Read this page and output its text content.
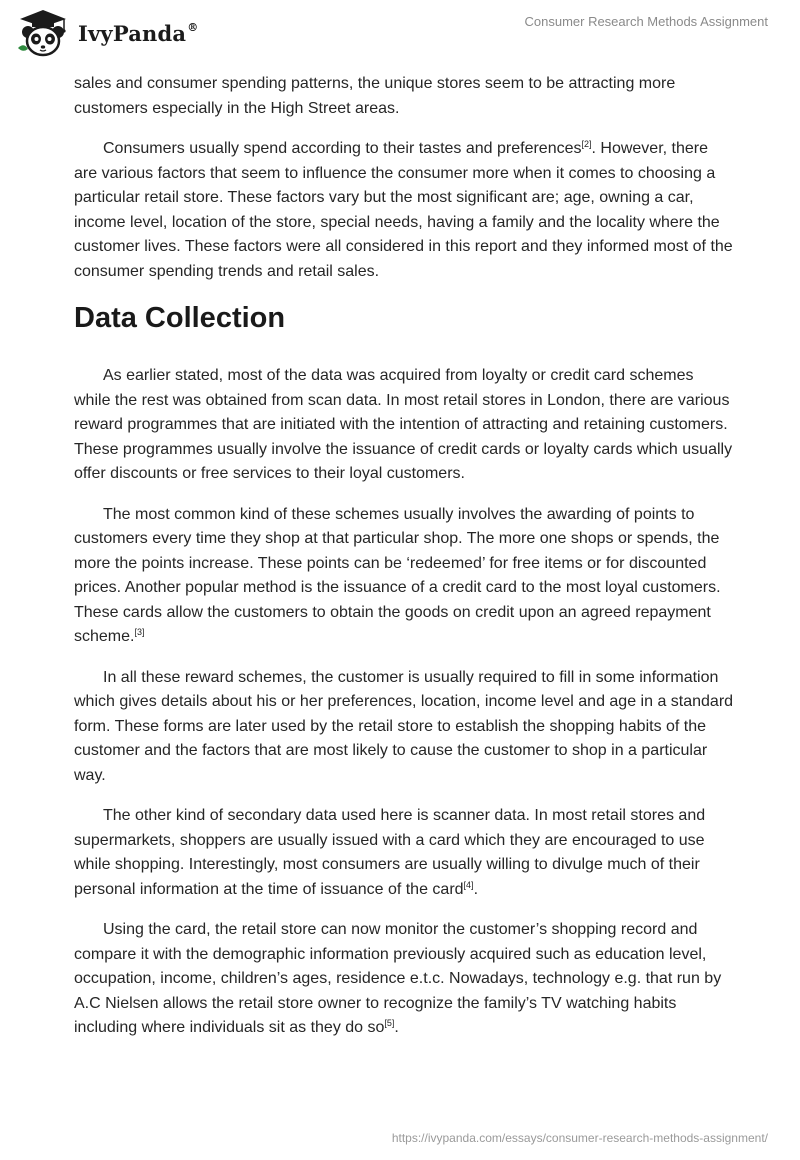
IvyPanda®	Consumer Research Methods Assignment

sales and consumer spending patterns, the unique stores seem to be attracting more customers especially in the High Street areas.

Consumers usually spend according to their tastes and preferences[2]. However, there are various factors that seem to influence the consumer more when it comes to choosing a particular retail store. These factors vary but the most significant are; age, owning a car, income level, location of the store, special needs, having a family and the locality where the customer lives. These factors were all considered in this report and they informed most of the consumer spending trends and retail sales.

Data Collection

As earlier stated, most of the data was acquired from loyalty or credit card schemes while the rest was obtained from scan data. In most retail stores in London, there are various reward programmes that are initiated with the intention of attracting and retaining customers. These programmes usually involve the issuance of credit cards or loyalty cards which usually offer discounts or free services to their loyal customers.

The most common kind of these schemes usually involves the awarding of points to customers every time they shop at that particular shop. The more one shops or spends, the more the points increase. These points can be ‘redeemed’ for free items or for discounted prices. Another popular method is the issuance of a credit card to the most loyal customers. These cards allow the customers to obtain the goods on credit upon an agreed repayment scheme.[3]

In all these reward schemes, the customer is usually required to fill in some information which gives details about his or her preferences, location, income level and age in a standard form. These forms are later used by the retail store to establish the shopping habits of the customer and the factors that are most likely to cause the customer to shop in a particular way.

The other kind of secondary data used here is scanner data. In most retail stores and supermarkets, shoppers are usually issued with a card which they are encouraged to use while shopping. Interestingly, most consumers are usually willing to divulge much of their personal information at the time of issuance of the card[4].

Using the card, the retail store can now monitor the customer’s shopping record and compare it with the demographic information previously acquired such as education level, occupation, income, children’s ages, residence e.t.c. Nowadays, technology e.g. that run by A.C Nielsen allows the retail store owner to recognize the family’s TV watching habits including where individuals sit as they do so[5].

https://ivypanda.com/essays/consumer-research-methods-assignment/
